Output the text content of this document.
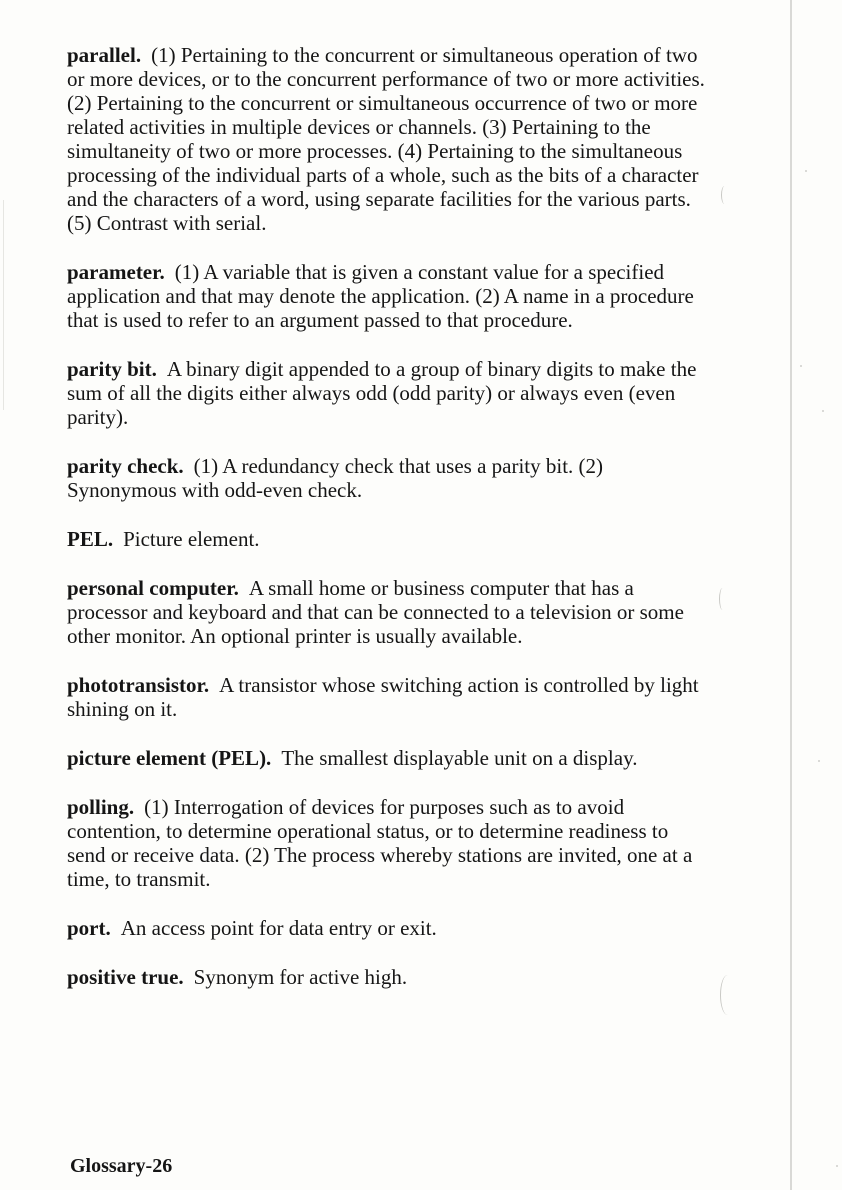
parallel. (1) Pertaining to the concurrent or simultaneous operation of two or more devices, or to the concurrent performance of two or more activities. (2) Pertaining to the concurrent or simultaneous occurrence of two or more related activities in multiple devices or channels. (3) Pertaining to the simultaneity of two or more processes. (4) Pertaining to the simultaneous processing of the individual parts of a whole, such as the bits of a character and the characters of a word, using separate facilities for the various parts. (5) Contrast with serial.

parameter. (1) A variable that is given a constant value for a specified application and that may denote the application. (2) A name in a procedure that is used to refer to an argument passed to that procedure.

parity bit. A binary digit appended to a group of binary digits to make the sum of all the digits either always odd (odd parity) or always even (even parity).

parity check. (1) A redundancy check that uses a parity bit. (2) Synonymous with odd-even check.

PEL. Picture element.

personal computer. A small home or business computer that has a processor and keyboard and that can be connected to a television or some other monitor. An optional printer is usually available.

phototransistor. A transistor whose switching action is controlled by light shining on it.

picture element (PEL). The smallest displayable unit on a display.

polling. (1) Interrogation of devices for purposes such as to avoid contention, to determine operational status, or to determine readiness to send or receive data. (2) The process whereby stations are invited, one at a time, to transmit.

port. An access point for data entry or exit.

positive true. Synonym for active high.

Glossary-26
